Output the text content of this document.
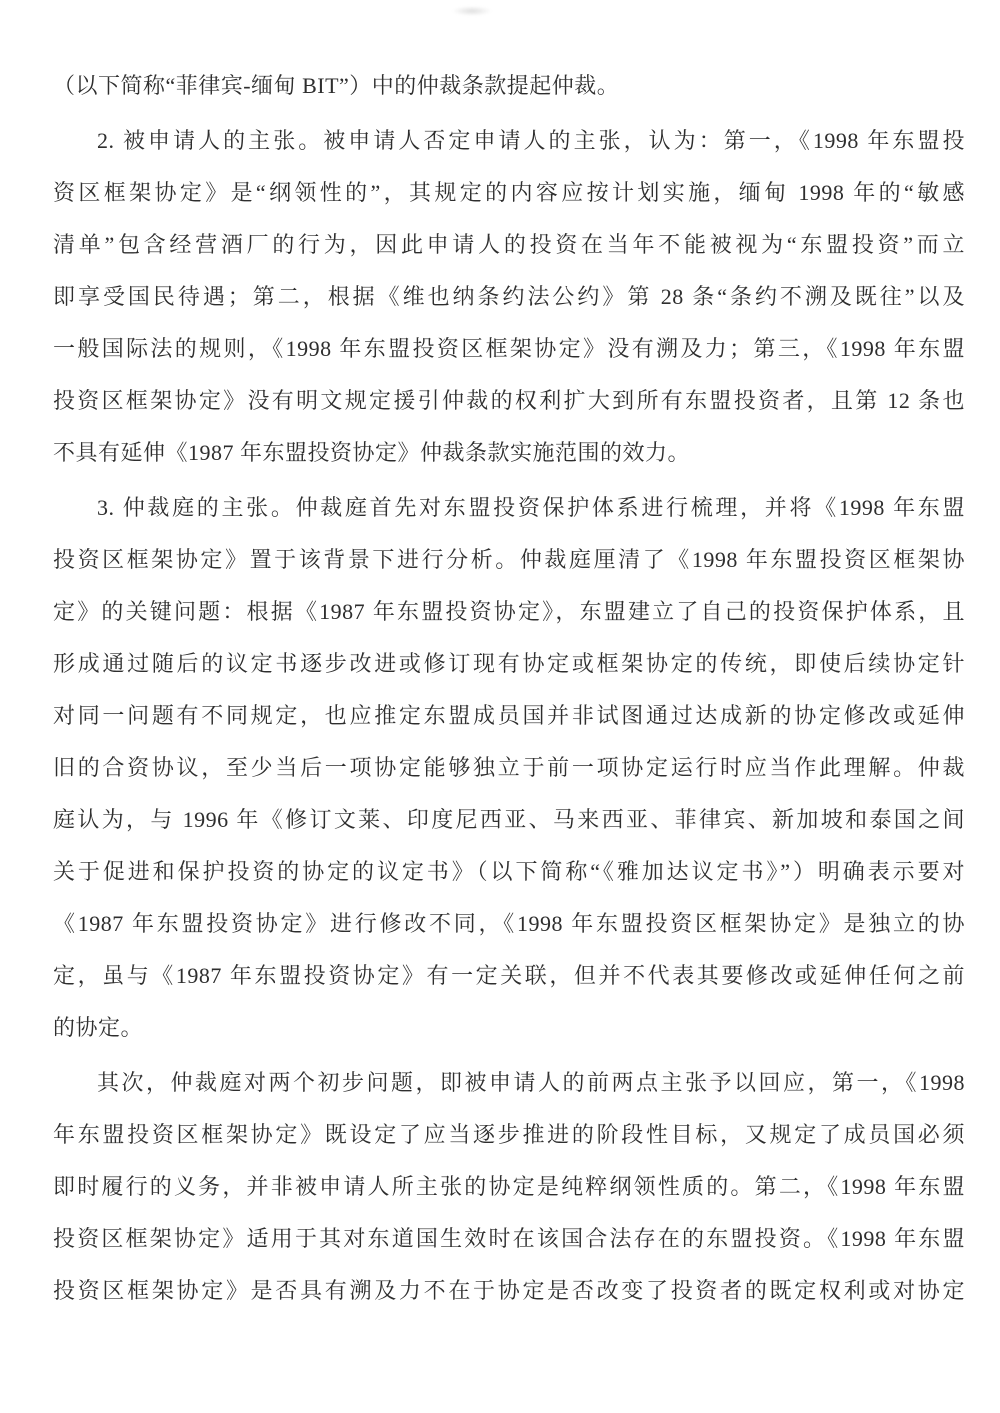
（以下简称“菲律宾-缅甸 BIT”）中的仲裁条款提起仲裁。
2. 被申请人的主张。被申请人否定申请人的主张，认为：第一，《1998 年东盟投
资区框架协定》是“纲领性的”，其规定的内容应按计划实施，缅甸 1998 年的“敏感
清单”包含经营酒厂的行为，因此申请人的投资在当年不能被视为“东盟投资”而立
即享受国民待遇；第二，根据《维也纳条约法公约》第 28 条“条约不溯及既往”以及
一般国际法的规则，《1998 年东盟投资区框架协定》没有溯及力；第三，《1998 年东盟
投资区框架协定》没有明文规定援引仲裁的权利扩大到所有东盟投资者，且第 12 条也
不具有延伸《1987 年东盟投资协定》仲裁条款实施范围的效力。
3. 仲裁庭的主张。仲裁庭首先对东盟投资保护体系进行梳理，并将《1998 年东盟
投资区框架协定》置于该背景下进行分析。仲裁庭厘清了《1998 年东盟投资区框架协
定》的关键问题：根据《1987 年东盟投资协定》，东盟建立了自己的投资保护体系，且
形成通过随后的议定书逐步改进或修订现有协定或框架协定的传统，即使后续协定针
对同一问题有不同规定，也应推定东盟成员国并非试图通过达成新的协定修改或延伸
旧的合资协议，至少当后一项协定能够独立于前一项协定运行时应当作此理解。仲裁
庭认为，与 1996 年《修订文莱、印度尼西亚、马来西亚、菲律宾、新加坡和泰国之间
关于促进和保护投资的协定的议定书》（以下简称“《雅加达议定书》”）明确表示要对
《1987 年东盟投资协定》进行修改不同，《1998 年东盟投资区框架协定》是独立的协
定，虽与《1987 年东盟投资协定》有一定关联，但并不代表其要修改或延伸任何之前
的协定。
其次，仲裁庭对两个初步问题，即被申请人的前两点主张予以回应，第一，《1998
年东盟投资区框架协定》既设定了应当逐步推进的阶段性目标，又规定了成员国必须
即时履行的义务，并非被申请人所主张的协定是纯粹纲领性质的。第二，《1998 年东盟
投资区框架协定》适用于其对东道国生效时在该国合法存在的东盟投资。《1998 年东盟
投资区框架协定》是否具有溯及力不在于协定是否改变了投资者的既定权利或对协定
